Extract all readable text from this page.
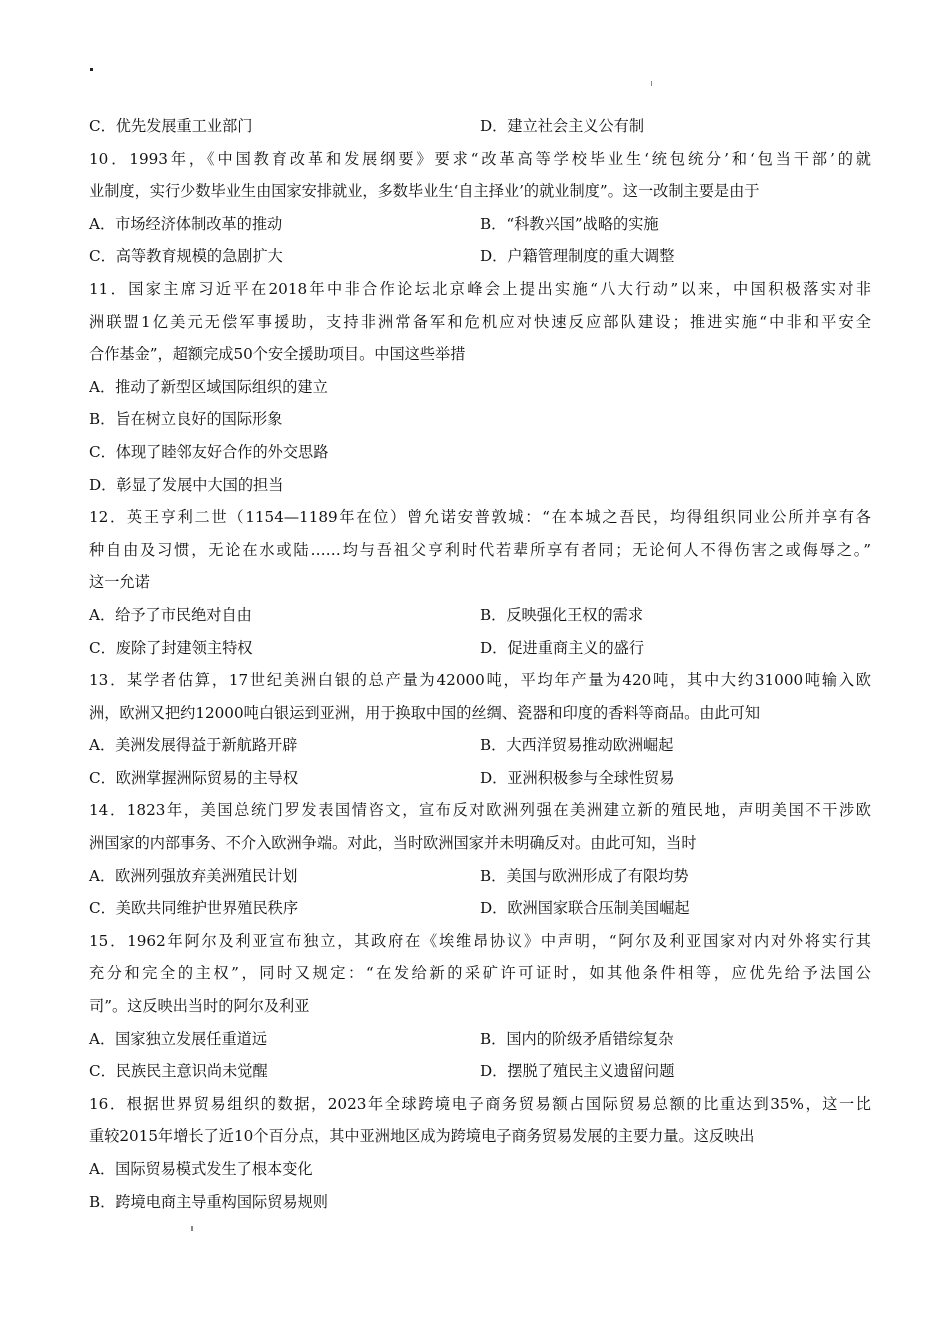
C．优先发展重工业部门	D．建立社会主义公有制
10．1993年，《中国教育改革和发展纲要》要求“改革高等学校毕业生‘统包统分’和‘包当干部’的就
业制度，实行少数毕业生由国家安排就业，多数毕业生‘自主择业’的就业制度”。这一改制主要是由于
A．市场经济体制改革的推动	B．“科教兴国”战略的实施
C．高等教育规模的急剧扩大	D．户籍管理制度的重大调整
11．国家主席习近平在2018年中非合作论坛北京峰会上提出实施“八大行动”以来，中国积极落实对非
洲联盟1亿美元无偿军事援助，支持非洲常备军和危机应对快速反应部队建设；推进实施“中非和平安全
合作基金”，超额完成50个安全援助项目。中国这些举措
A．推动了新型区域国际组织的建立
B．旨在树立良好的国际形象
C．体现了睦邻友好合作的外交思路
D．彰显了发展中大国的担当
12．英王亨利二世（1154—1189年在位）曾允诺安普敦城：“在本城之吾民，均得组织同业公所并享有各
种自由及习惯，无论在水或陆……均与吾祖父亨利时代若辈所享有者同；无论何人不得伤害之或侮辱之。”
这一允诺
A．给予了市民绝对自由	B．反映强化王权的需求
C．废除了封建领主特权	D．促进重商主义的盛行
13．某学者估算，17世纪美洲白银的总产量为42000吨，平均年产量为420吨，其中大约31000吨输入欧
洲，欧洲又把约12000吨白银运到亚洲，用于换取中国的丝绸、瓷器和印度的香料等商品。由此可知
A．美洲发展得益于新航路开辟	B．大西洋贸易推动欧洲崛起
C．欧洲掌握洲际贸易的主导权	D．亚洲积极参与全球性贸易
14．1823年，美国总统门罗发表国情咨文，宣布反对欧洲列强在美洲建立新的殖民地，声明美国不干涉欧
洲国家的内部事务、不介入欧洲争端。对此，当时欧洲国家并未明确反对。由此可知，当时
A．欧洲列强放弃美洲殖民计划	B．美国与欧洲形成了有限均势
C．美欧共同维护世界殖民秩序	D．欧洲国家联合压制美国崛起
15．1962年阿尔及利亚宣布独立，其政府在《埃维昂协议》中声明，“阿尔及利亚国家对内对外将实行其
充分和完全的主权”，同时又规定：“在发给新的采矿许可证时，如其他条件相等，应优先给予法国公
司”。这反映出当时的阿尔及利亚
A．国家独立发展任重道远	B．国内的阶级矛盾错综复杂
C．民族民主意识尚未觉醒	D．摆脱了殖民主义遗留问题
16．根据世界贸易组织的数据，2023年全球跨境电子商务贸易额占国际贸易总额的比重达到35%，这一比
重较2015年增长了近10个百分点，其中亚洲地区成为跨境电子商务贸易发展的主要力量。这反映出
A．国际贸易模式发生了根本变化
B．跨境电商主导重构国际贸易规则
